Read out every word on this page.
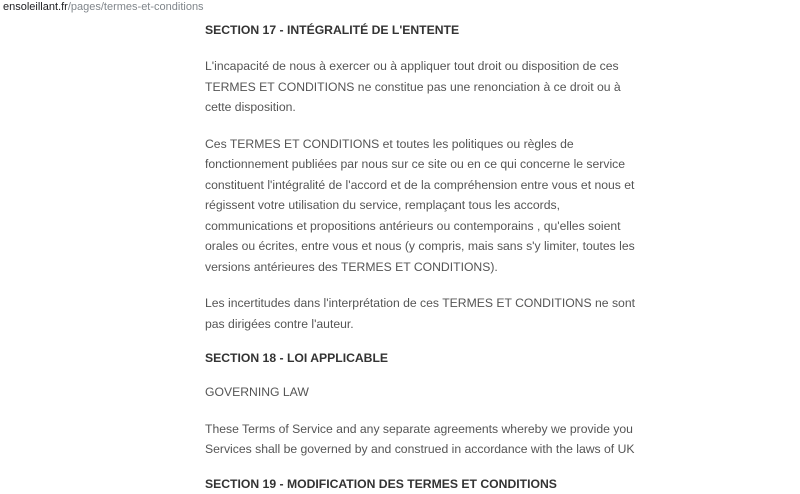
ensoleillant.fr/pages/termes-et-conditions
SECTION 17 - INTÉGRALITÉ DE L'ENTENTE

L'incapacité de nous à exercer ou à appliquer tout droit ou disposition de ces TERMES ET CONDITIONS ne constitue pas une renonciation à ce droit ou à cette disposition.

Ces TERMES ET CONDITIONS et toutes les politiques ou règles de fonctionnement publiées par nous sur ce site ou en ce qui concerne le service constituent l'intégralité de l'accord et de la compréhension entre vous et nous et régissent votre utilisation du service, remplaçant tous les accords, communications et propositions antérieurs ou contemporains , qu'elles soient orales ou écrites, entre vous et nous (y compris, mais sans s'y limiter, toutes les versions antérieures des TERMES ET CONDITIONS).

Les incertitudes dans l'interprétation de ces TERMES ET CONDITIONS ne sont pas dirigées contre l'auteur.

SECTION 18 - LOI APPLICABLE

GOVERNING LAW

These Terms of Service and any separate agreements whereby we provide you Services shall be governed by and construed in accordance with the laws of UK

SECTION 19 - MODIFICATION DES TERMES ET CONDITIONS
